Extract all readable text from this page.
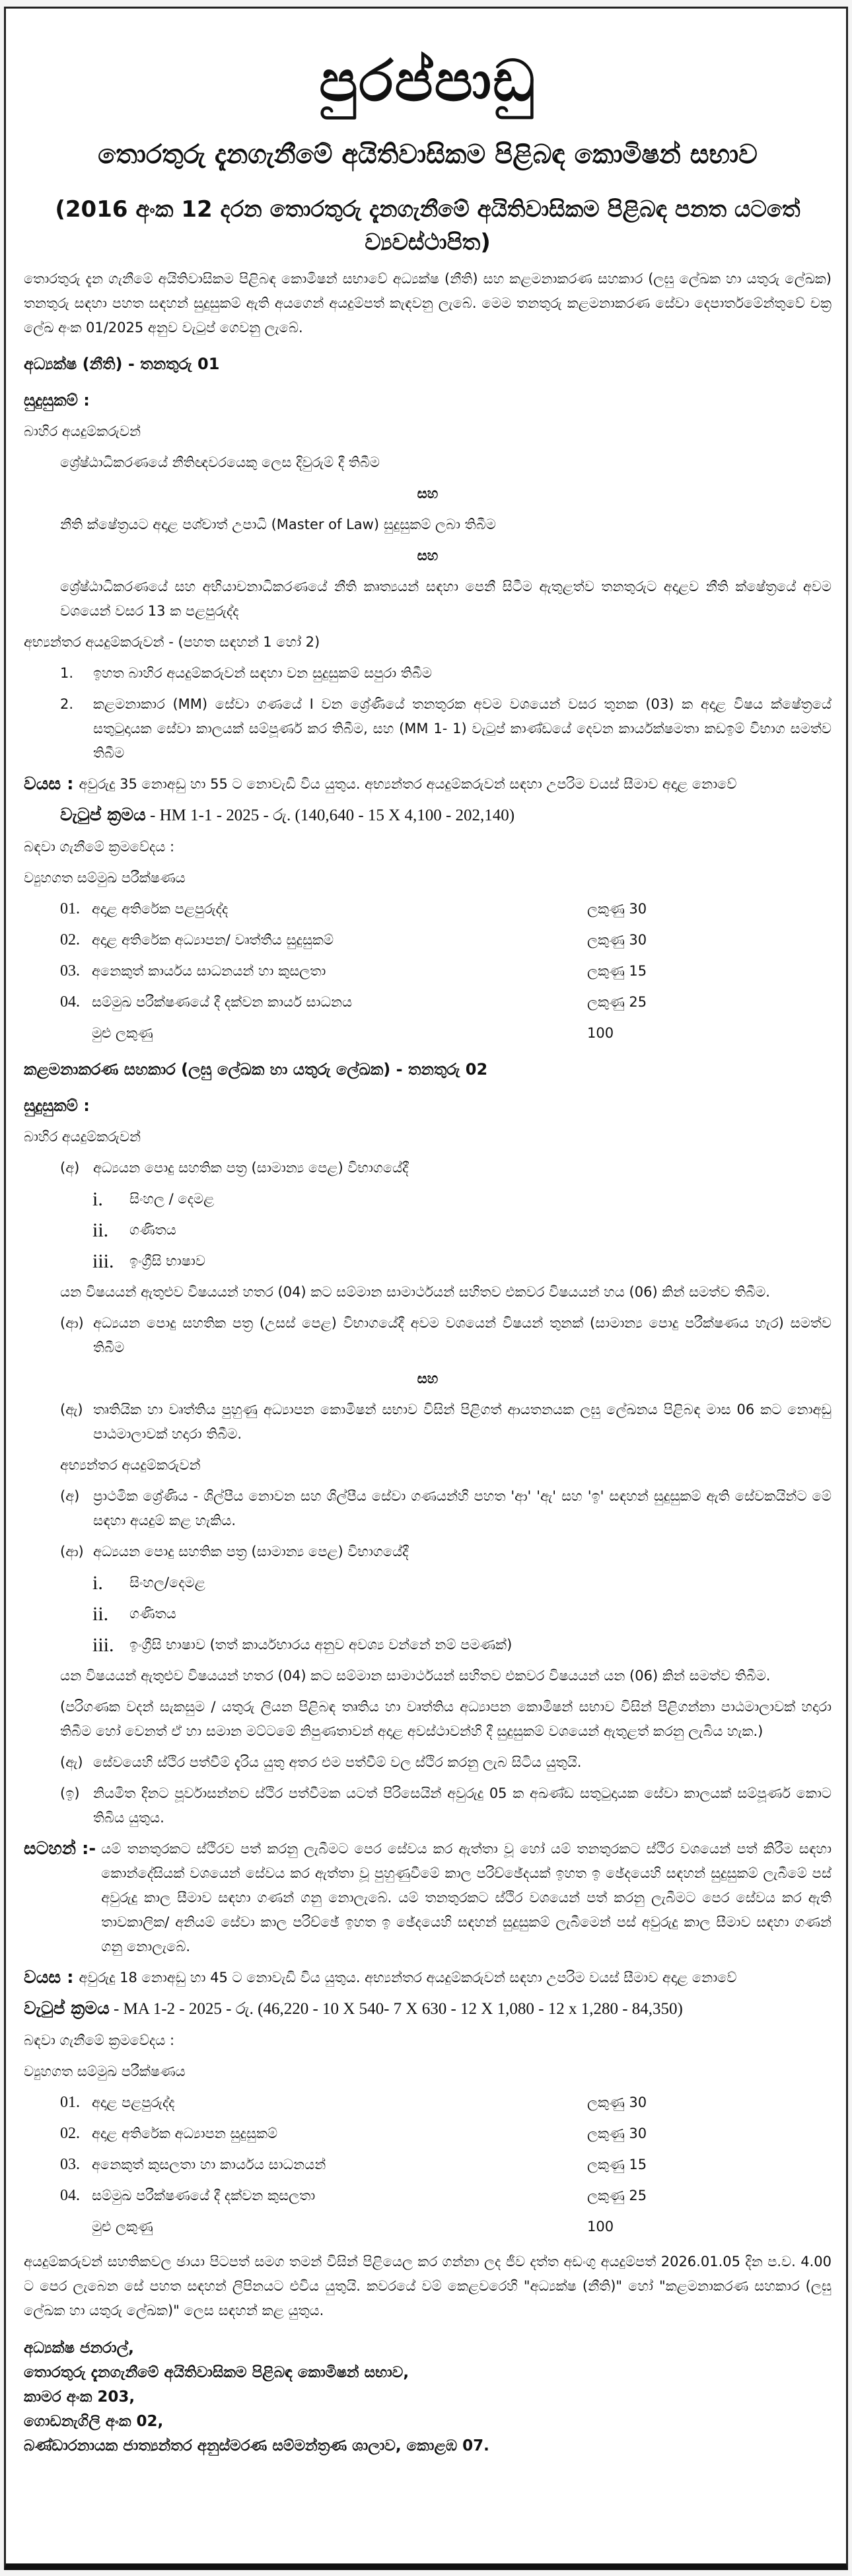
පුරප්පාඩු
තොරතුරු දැනගැනීමේ අයිතිවාසිකම පිළිබඳ කොමිෂන් සභාව
(2016 අංක 12 දරන තොරතුරු දැනගැනීමේ අයිතිවාසිකම පිළිබඳ පනත යටතේ ව්‍යවස්ථාපිත)
තොරතුරු දැන ගැනීමේ අයිතිවාසිකම පිළිබඳ කොමිෂන් සභාවේ අධ්‍යක්ෂ (නීති) සහ කළමනාකරණ සහකාර (ලඝු ලේඛක හා යතුරු ලේඛක) තනතුරු සඳහා පහත සඳහන් සුදුසුකම් ඇති අයගෙන් අයදුම්පත් කැඳවනු ලැබේ. මෙම තනතුරු කළමනාකරණ සේවා දෙපාර්තමේන්තුවේ චක්‍ර ලේඛ අංක 01/2025 අනුව වැටුප් ගෙවනු ලැබේ.
අධ්‍යක්ෂ (නීති) - තනතුරු 01
සුදුසුකම් :
බාහිර අයදුම්කරුවන්
ශ්‍රේෂ්ඨාධිකරණයේ නීතිඥවරයෙකු ලෙස දිවුරුම් දී තිබීම
සහ
නීති ක්ෂේත්‍රයට අදාළ පශ්චාත් උපාධි (Master of Law) සුදුසුකම් ලබා තිබීම
සහ
ශ්‍රේෂ්ඨාධිකරණයේ සහ අභියාචනාධිකරණයේ නීති කෘත්‍යයන් සඳහා පෙනී සිටීම ඇතුළත්ව තනතුරුට අදාළව නීති ක්ෂේත්‍රයේ අවම වශයෙන් වසර 13 ක පළපුරුද්ද
අභ්‍යන්තර අයදුම්කරුවන් - (පහත සඳහන් 1 හෝ 2)
1.	ඉහත බාහිර අයදුම්කරුවන් සඳහා වන සුදුසුකම් සපුරා තිබීම
2.	කළමනාකාර (MM) සේවා ගණයේ I වන ශ්‍රේණියේ තනතුරක අවම වශයෙන් වසර තුනක (03) ක අදාළ විෂය ක්ෂේත්‍රයේ සතුටුදායක සේවා කාලයක් සම්පූර්ණ කර තිබීම, සහ (MM 1- 1) වැටුප් කාණ්ඩයේ දෙවන කාර්යක්ෂමතා කඩඉම් විභාග සමත්ව තිබීම
වයස : අවුරුදු 35 නොඅඩු හා 55 ට නොවැඩි විය යුතුය. අභ්‍යන්තර අයදුම්කරුවන් සඳහා උපරිම වයස් සීමාව අදාළ නොවේ
වැටුප් ක්‍රමය - HM 1-1 - 2025 - රු. (140,640 - 15 X 4,100 - 202,140)
බඳවා ගැනීමේ ක්‍රමවේදය :
ව්‍යුහගත සම්මුඛ පරීක්ෂණය
01. අදාළ අතිරේක පළපුරුද්ද	ලකුණු 30
02. අදාළ අතිරේක අධ්‍යාපන/ වෘත්තීය සුදුසුකම්	ලකුණු 30
03. අනෙකුත් කාර්යය සාධනයන් හා කුසලතා	ලකුණු 15
04. සම්මුඛ පරීක්ෂණයේ දී දක්වන කාර්ය සාධනය	ලකුණු 25
මුළු ලකුණු	100
කළමනාකරණ සහකාර (ලඝු ලේඛක හා යතුරු ලේඛක) - තනතුරු 02
සුදුසුකම් :
බාහිර අයදුම්කරුවන්
(අ) අධ්‍යයන පොදු සහතික පත්‍ර (සාමාන්‍ය පෙළ) විභාගයේදී
i.	සිංහල / දෙමළ
ii.	ගණිතය
iii.	ඉංග්‍රීසි භාෂාව
යන විෂයයන් ඇතුළුව විෂයයන් හතර (04) කට සම්මාන සාමාර්ථයන් සහිතව එකවර විෂයයන් හය (06) කින් සමත්ව තිබීම.
(ආ) අධ්‍යයන පොදු සහතික පත්‍ර (උසස් පෙළ) විභාගයේදී අවම වශයෙන් විෂයන් තුනක් (සාමාන්‍ය පොදු පරීක්ෂණය හැර) සමත්ව තිබීම
සහ
(ඇ) තෘතියික හා වෘත්තිය පුහුණු අධ්‍යාපන කොමිෂන් සභාව විසින් පිළිගත් ආයතනයක ලඝු ලේඛනය පිළිබඳ මාස 06 කට නොඅඩු පාඨමාලාවක් හදාරා තිබීම.
අභ්‍යන්තර අයදුම්කරුවන්
(අ) ප්‍රාථමික ශ්‍රේණිය - ශිල්පීය නොවන සහ ශිල්පීය සේවා ගණයන්හි පහත 'ආ' 'ඇ' සහ 'ඉ' සඳහන් සුදුසුකම් ඇති සේවකයින්ට මේ සඳහා අයදුම් කළ හැකිය.
(ආ) අධ්‍යයන පොදු සහතික පත්‍ර (සාමාන්‍ය පෙළ) විභාගයේදී
i.	සිංහල/දෙමළ
ii.	ගණිතය
iii.	ඉංග්‍රීසි භාෂාව (තත් කාර්යභාරය අනුව අවශ්‍ය වන්නේ නම් පමණක්)
යන විෂයයන් ඇතුළුව විෂයයන් හතර (04) කට සම්මාන සාමාර්ථයන් සහිතව එකවර විෂයයන් යන (06) කින් සමත්ව තිබීම.
(පරිගණක වදන් සැකසුම / යතුරු ලියන පිළිබඳ තෘතිය හා වෘත්තිය අධ්‍යාපන කොමිෂන් සභාව විසින් පිළිගන්නා පාඨමාලාවක් හදාරා තිබීම හෝ වෙනත් ඒ හා සමාන මට්ටමේ නිපුණතාවන් අදාළ අවස්ථාවන්හි දී සුදුසුකම් වශයෙන් ඇතුළත් කරනු ලැබිය හැක.)
(ඇ) සේවයෙහි ස්ථිර පත්වීම් දැරිය යුතු අතර එම පත්වීම් වල ස්ථිර කරනු ලැබ සිටිය යුතුයි.
(ඉ) නියමිත දිනට පූර්වාසන්නව ස්ථිර පත්වීමක යටත් පිරිසෙයින් අවුරුදු 05 ක අඛණ්ඩ සතුටුදායක සේවා කාලයක් සම්පූර්ණ කොට තිබිය යුතුය.
සටහන් :- යම් තනතුරකට ස්ථිරව පත් කරනු ලැබීමට පෙර සේවය කර ඇත්තා වූ හෝ යම් තනතුරකට ස්ථිර වශයෙන් පත් කිරීම සඳහා කොන්දේසියක් වශයෙන් සේවය කර ඇත්තා වූ පුහුණුවීමේ කාල පරිච්ඡේදයක් ඉහත ඉ ඡේදයෙහි සඳහන් සුදුසුකම් ලැබීමේ පස් අවුරුදු කාල සීමාව සඳහා ගණන් ගනු නොලැබේ. යම් තනතුරකට ස්ථිර වශයෙන් පත් කරනු ලැබීමට පෙර සේවය කර ඇති තාවකාලික/ අනියම් සේවා කාල පරිච්ඡේ ඉහත ඉ ඡේදයෙහි සඳහන් සුදුසුකම් ලැබීමෙන් පස් අවුරුදු කාල සීමාව සඳහා ගණන් ගනු නොලැබේ.
වයස : අවුරුදු 18 නොඅඩු හා 45 ට නොවැඩි විය යුතුය. අභ්‍යන්තර අයදුම්කරුවන් සඳහා උපරිම වයස් සීමාව අදාළ නොවේ
වැටුප් ක්‍රමය - MA 1-2 - 2025 - රු. (46,220 - 10 X 540- 7 X 630 - 12 X 1,080 - 12 x 1,280 - 84,350)
බඳවා ගැනීමේ ක්‍රමවේදය :
ව්‍යුහගත සම්මුඛ පරීක්ෂණය
01. අදාළ පළපුරුද්ද	ලකුණු 30
02. අදාළ අතිරේක අධ්‍යාපන සුදුසුකම්	ලකුණු 30
03. අනෙකුත් කුසලතා හා කාර්යය සාධනයන්	ලකුණු 15
04. සම්මුඛ පරීක්ෂණයේ දී දක්වන කුසලතා	ලකුණු 25
මුළු ලකුණු	100
අයදුම්කරුවන් සහතිකවල ඡායා පිටපත් සමග තමන් විසින් පිළියෙල කර ගන්නා ලද ජීව දත්ත අඩංගු අයදුම්පත් 2026.01.05 දින ප.ව. 4.00 ට පෙර ලැබෙන සේ පහත සඳහන් ලිපිනයට එවිය යුතුයි. කවරයේ වම් කෙළවරෙහි "අධ්‍යක්ෂ (නීති)" හෝ "කළමනාකරණ සහකාර (ලඝු ලේඛක හා යතුරු ලේඛක)" ලෙස සඳහන් කළ යුතුය.
අධ්‍යක්ෂ ජනරාල්,
තොරතුරු දැනගැනීමේ අයිතිවාසිකම පිළිබඳ කොමිෂන් සභාව,
කාමර අංක 203,
ගොඩනැගිලි අංක 02,
බණ්ඩාරනායක ජාත්‍යන්තර අනුස්මරණ සම්මන්ත්‍රණ ශාලාව, කොළඹ 07.
